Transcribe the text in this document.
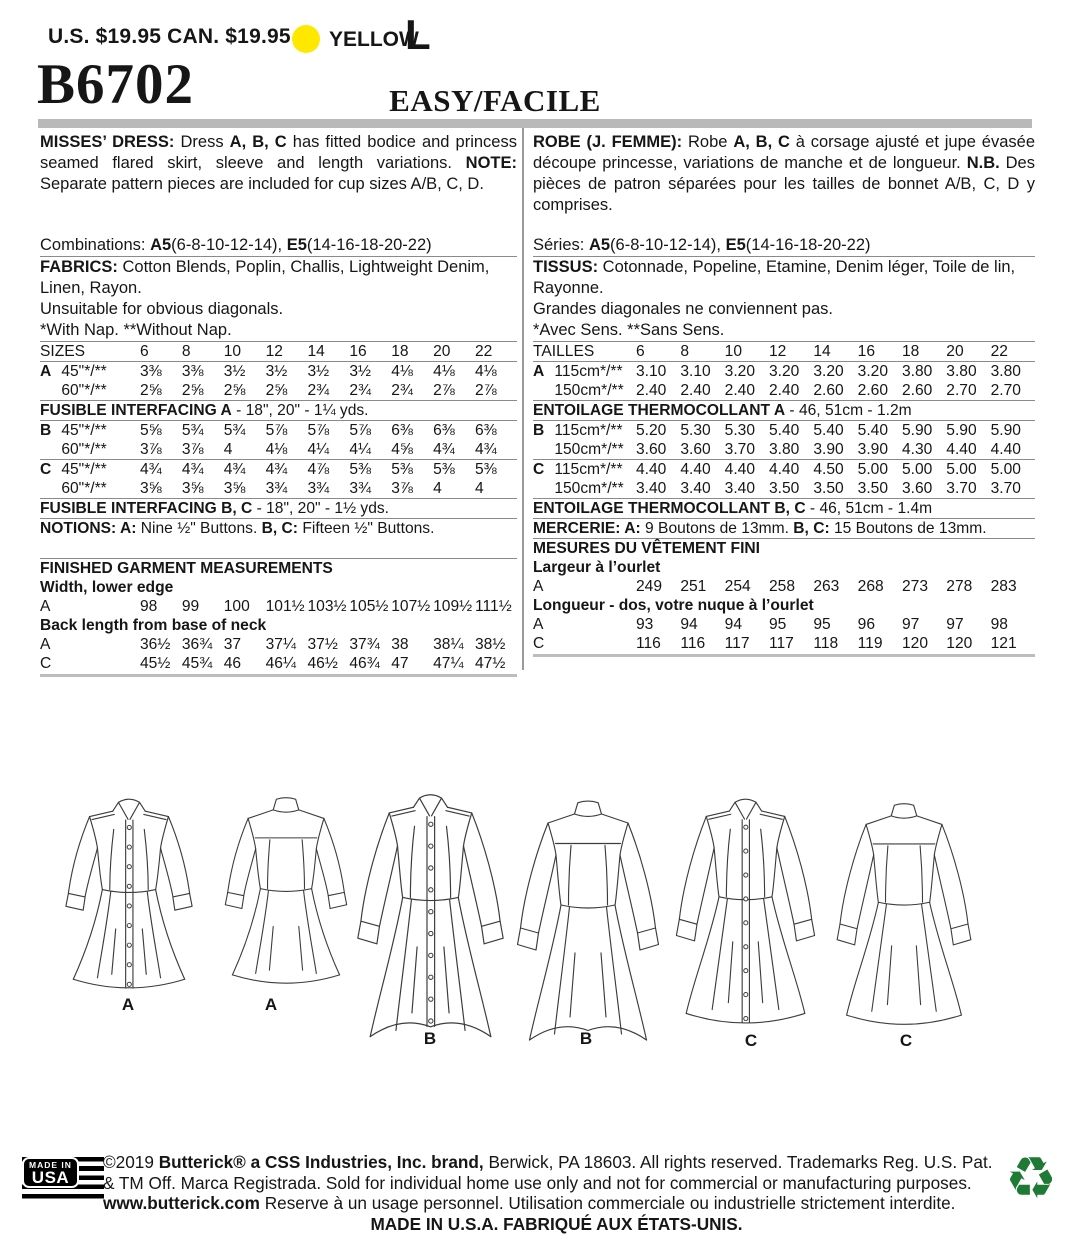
U.S. $19.95 CAN. $19.95 YELLOW
L
B6702	EASY/FACILE
MISSES’ DRESS: Dress A, B, C has fitted bodice and princess seamed flared skirt, sleeve and length variations. NOTE: Separate pattern pieces are included for cup sizes A/B, C, D.
Combinations: A5(6-8-10-12-14), E5(14-16-18-20-22)
FABRICS: Cotton Blends, Poplin, Challis, Lightweight Denim, Linen, Rayon.
Unsuitable for obvious diagonals.
*With Nap. **Without Nap.
SIZES	6	8	10	12	14	16	18	20	22
A 45"*/**	3⅜	3⅜	3½	3½	3½	3½	4⅛	4⅛	4⅛
60"*/**	2⅝	2⅝	2⅝	2⅝	2¾	2¾	2¾	2⅞	2⅞
FUSIBLE INTERFACING A - 18", 20" - 1¼ yds.									
B 45"*/**	5⅝	5¾	5¾	5⅞	5⅞	5⅞	6⅜	6⅜	6⅜
60"*/**	3⅞	3⅞	4	4⅛	4¼	4¼	4⅝	4¾	4¾
C 45"*/**	4¾	4¾	4¾	4¾	4⅞	5⅜	5⅜	5⅜	5⅜
60"*/**	3⅝	3⅝	3⅝	3¾	3¾	3¾	3⅞	4	4
FUSIBLE INTERFACING B, C - 18", 20" - 1½ yds.									
NOTIONS: A: Nine ½" Buttons. B, C: Fifteen ½" Buttons.									
FINISHED GARMENT MEASUREMENTS									
Width, lower edge									
A	98	99	100	101½	103½	105½	107½	109½	111½
Back length from base of neck									
A	36½	36¾	37	37¼	37½	37¾	38	38¼	38½
C	45½	45¾	46	46¼	46½	46¾	47	47¼	47½
ROBE (J. FEMME): Robe A, B, C à corsage ajusté et jupe évasée découpe princesse, variations de manche et de longueur. N.B. Des pièces de patron séparées pour les tailles de bonnet A/B, C, D y comprises.
Séries: A5(6-8-10-12-14), E5(14-16-18-20-22)
TISSUS: Cotonnade, Popeline, Etamine, Denim léger, Toile de lin, Rayonne.
Grandes diagonales ne conviennent pas.
*Avec Sens. **Sans Sens.
TAILLES	6	8	10	12	14	16	18	20	22
A 115cm*/**	3.10	3.10	3.20	3.20	3.20	3.20	3.80	3.80	3.80
150cm*/**	2.40	2.40	2.40	2.40	2.60	2.60	2.60	2.70	2.70
ENTOILAGE THERMOCOLLANT A - 46, 51cm - 1.2m									
B 115cm*/**	5.20	5.30	5.30	5.40	5.40	5.40	5.90	5.90	5.90
150cm*/**	3.60	3.60	3.70	3.80	3.90	3.90	4.30	4.40	4.40
C 115cm*/**	4.40	4.40	4.40	4.40	4.50	5.00	5.00	5.00	5.00
150cm*/**	3.40	3.40	3.40	3.50	3.50	3.50	3.60	3.70	3.70
ENTOILAGE THERMOCOLLANT B, C - 46, 51cm - 1.4m									
MERCERIE: A: 9 Boutons de 13mm. B, C: 15 Boutons de 13mm.									
MESURES DU VÊTEMENT FINI									
Largeur à l’ourlet									
A	249	251	254	258	263	268	273	278	283
Longueur - dos, votre nuque à l’ourlet									
A	93	94	94	95	95	96	97	97	98
C	116	116	117	117	118	119	120	120	121
A	A
B	B	C	C
MADE IN
USA
©2019 Butterick® a CSS Industries, Inc. brand, Berwick, PA 18603. All rights reserved. Trademarks Reg. U.S. Pat.
& TM Off. Marca Registrada. Sold for individual home use only and not for commercial or manufacturing purposes.
www.butterick.com Reserve à un usage personnel. Utilisation commerciale ou industrielle strictement interdite.
MADE IN U.S.A. FABRIQUÉ AUX ÉTATS-UNIS.
♻
